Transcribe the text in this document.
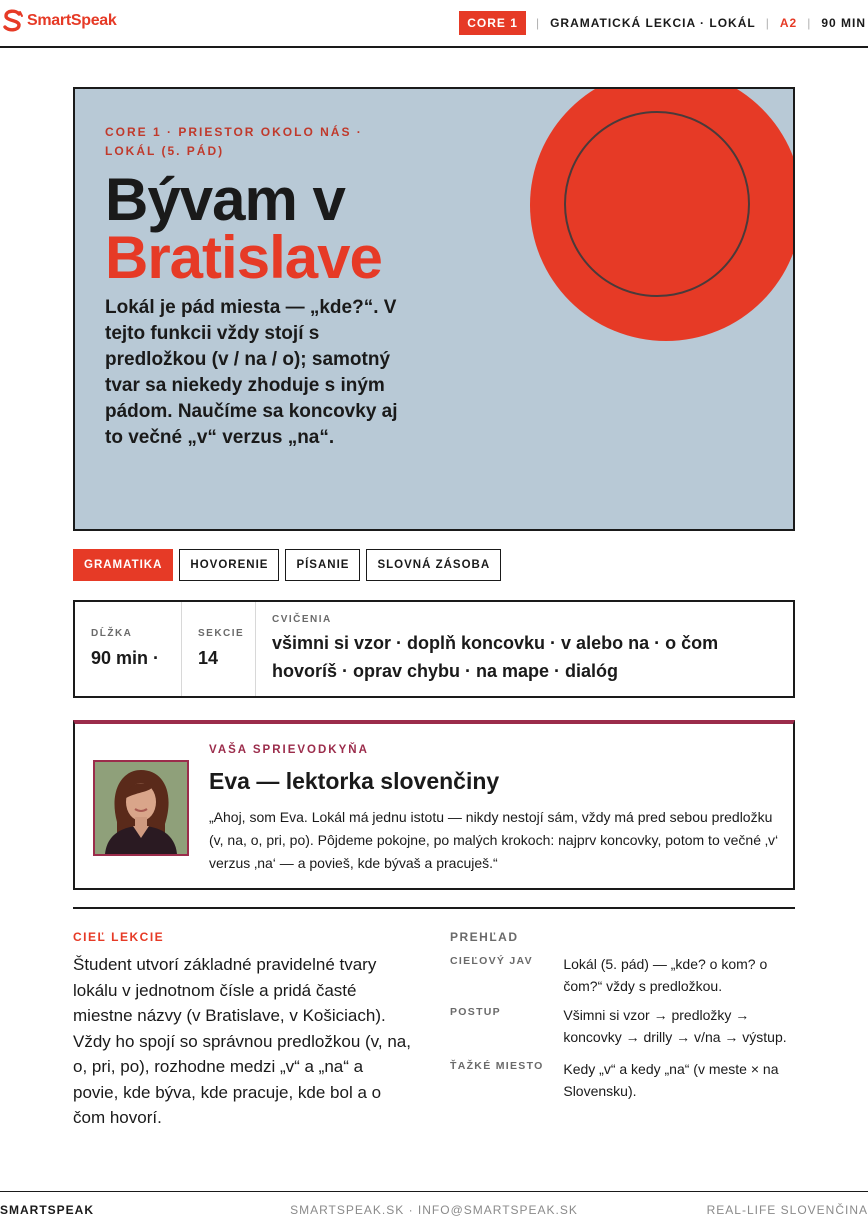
SmartSpeak	CORE 1	| GRAMATICKÁ LEKCIA · LOKÁL | A2 | 90 MIN
CORE 1 · PRIESTOR OKOLO NÁS · LOKÁL (5. PÁD)
Bývam v
Bratislave

Lokál je pád miesta — „kde?“. V tejto funkcii vždy stojí s predložkou (v / na / o); samotný tvar sa niekedy zhoduje s iným pádom. Naučíme sa koncovky aj to večné „v“ verzus „na“.

GRAMATIKA	HOVORENIE	PÍSANIE	SLOVNÁ ZÁSOBA
DĹŽKA
90 min ·
SEKCIE
14
CVIČENIA
všimni si vzor · doplň koncovku · v alebo na · o čom hovoríš · oprav chybu · na mape · dialóg
VAŠA SPRIEVODKYŇA
Eva — lektorka slovenčiny

„Ahoj, som Eva. Lokál má jednu istotu — nikdy nestojí sám, vždy má pred sebou predložku (v, na, o, pri, po). Pôjdeme pokojne, po malých krokoch: najprv koncovky, potom to večné ‚v‘ verzus ‚na‘ — a povieš, kde bývaš a pracuješ.“

CIEĽ LEKCIE

Študent utvorí základné pravidelné tvary lokálu v jednotnom čísle a pridá časté miestne názvy (v Bratislave, v Košiciach). Vždy ho spojí so správnou predložkou (v, na, o, pri, po), rozhodne medzi „v“ a „na“ a povie, kde býva, kde pracuje, kde bol a o čom hovorí.

PREHĽAD
CIEĽOVÝ JAV	Lokál (5. pád) — „kde? o kom? o čom?“ vždy s predložkou.
POSTUP	Všimni si vzor → predložky → koncovky → drilly → v/na → výstup.
ŤAŽKÉ MIESTO	Kedy „v“ a kedy „na“ (v meste × na Slovensku).
SMARTSPEAK	SMARTSPEAK.SK · INFO@SMARTSPEAK.SK	REAL-LIFE SLOVENČINA
